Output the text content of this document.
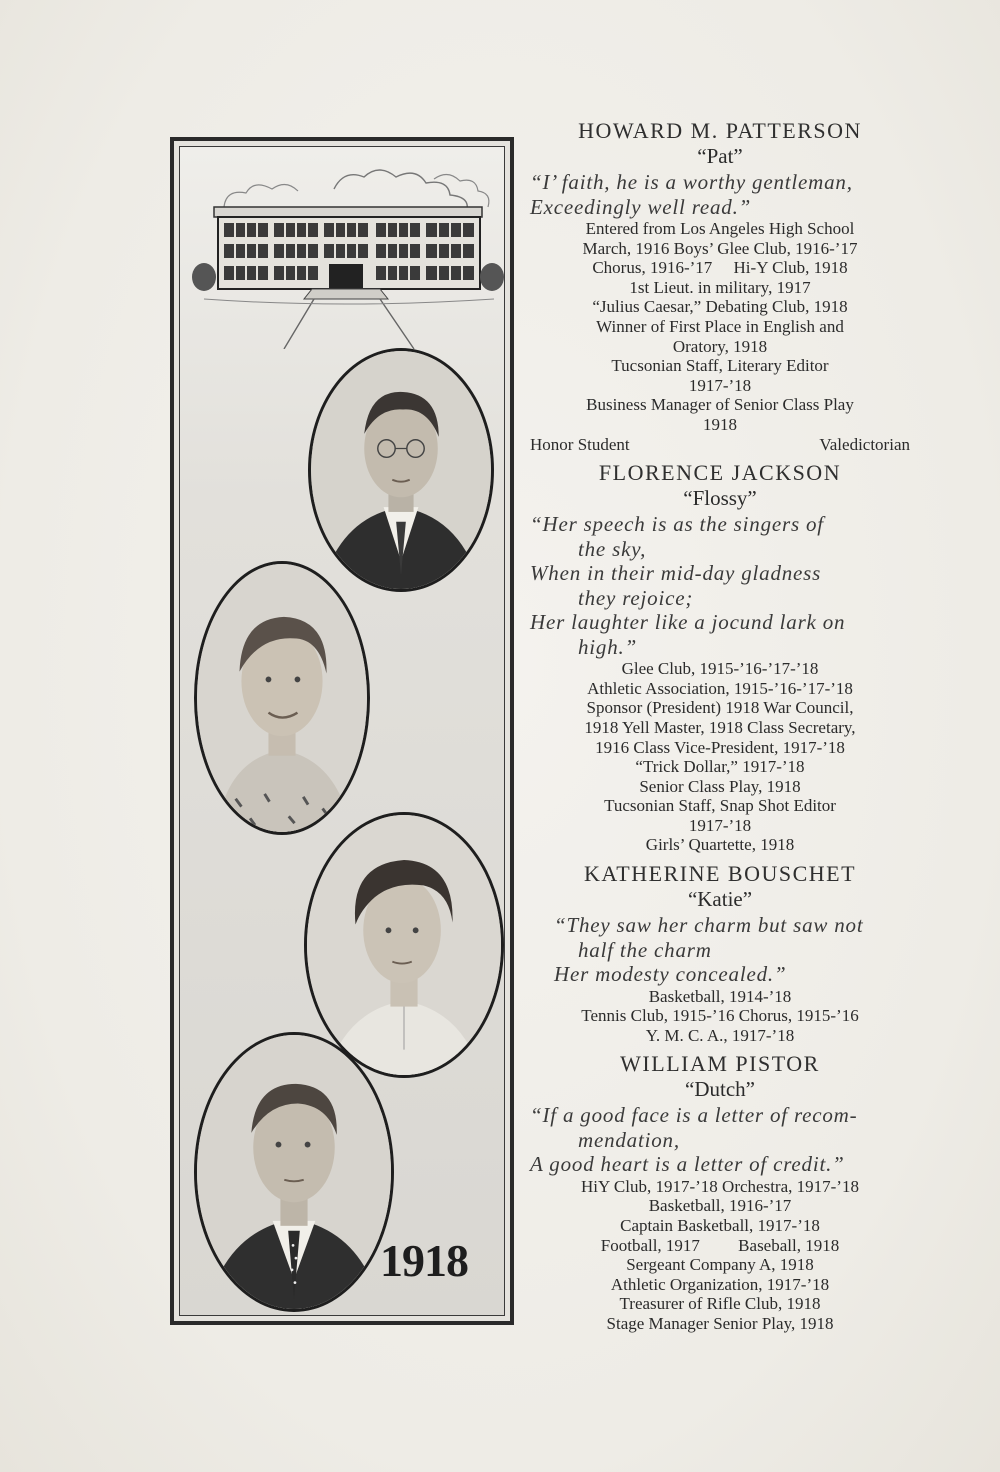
1918
HOWARD M. PATTERSON
“Pat”
“I’ faith, he is a worthy gentleman,
Exceedingly well read.”
Entered from Los Angeles High School
March, 1916 Boys’ Glee Club, 1916-’17
Chorus, 1916-’17     Hi-Y Club, 1918
1st Lieut. in military, 1917
“Julius Caesar,” Debating Club, 1918
Winner of First Place in English and
Oratory, 1918
Tucsonian Staff, Literary Editor
1917-’18
Business Manager of Senior Class Play
1918
Honor Student	Valedictorian
FLORENCE JACKSON
“Flossy”
“Her speech is as the singers of
the sky,
When in their mid-day gladness
they rejoice;
Her laughter like a jocund lark on
high.”
Glee Club, 1915-’16-’17-’18
Athletic Association, 1915-’16-’17-’18
Sponsor (President) 1918 War Council,
1918 Yell Master, 1918 Class Secretary,
1916 Class Vice-President, 1917-’18
“Trick Dollar,” 1917-’18
Senior Class Play, 1918
Tucsonian Staff, Snap Shot Editor
1917-’18
Girls’ Quartette, 1918
KATHERINE BOUSCHET
“Katie”
“They saw her charm but saw not
half the charm
Her modesty concealed.”
Basketball, 1914-’18
Tennis Club, 1915-’16 Chorus, 1915-’16
Y. M. C. A., 1917-’18
WILLIAM PISTOR
“Dutch”
“If a good face is a letter of recom-
mendation,
A good heart is a letter of credit.”
HiY Club, 1917-’18 Orchestra, 1917-’18
Basketball, 1916-’17
Captain Basketball, 1917-’18
Football, 1917         Baseball, 1918
Sergeant Company A, 1918
Athletic Organization, 1917-’18
Treasurer of Rifle Club, 1918
Stage Manager Senior Play, 1918
